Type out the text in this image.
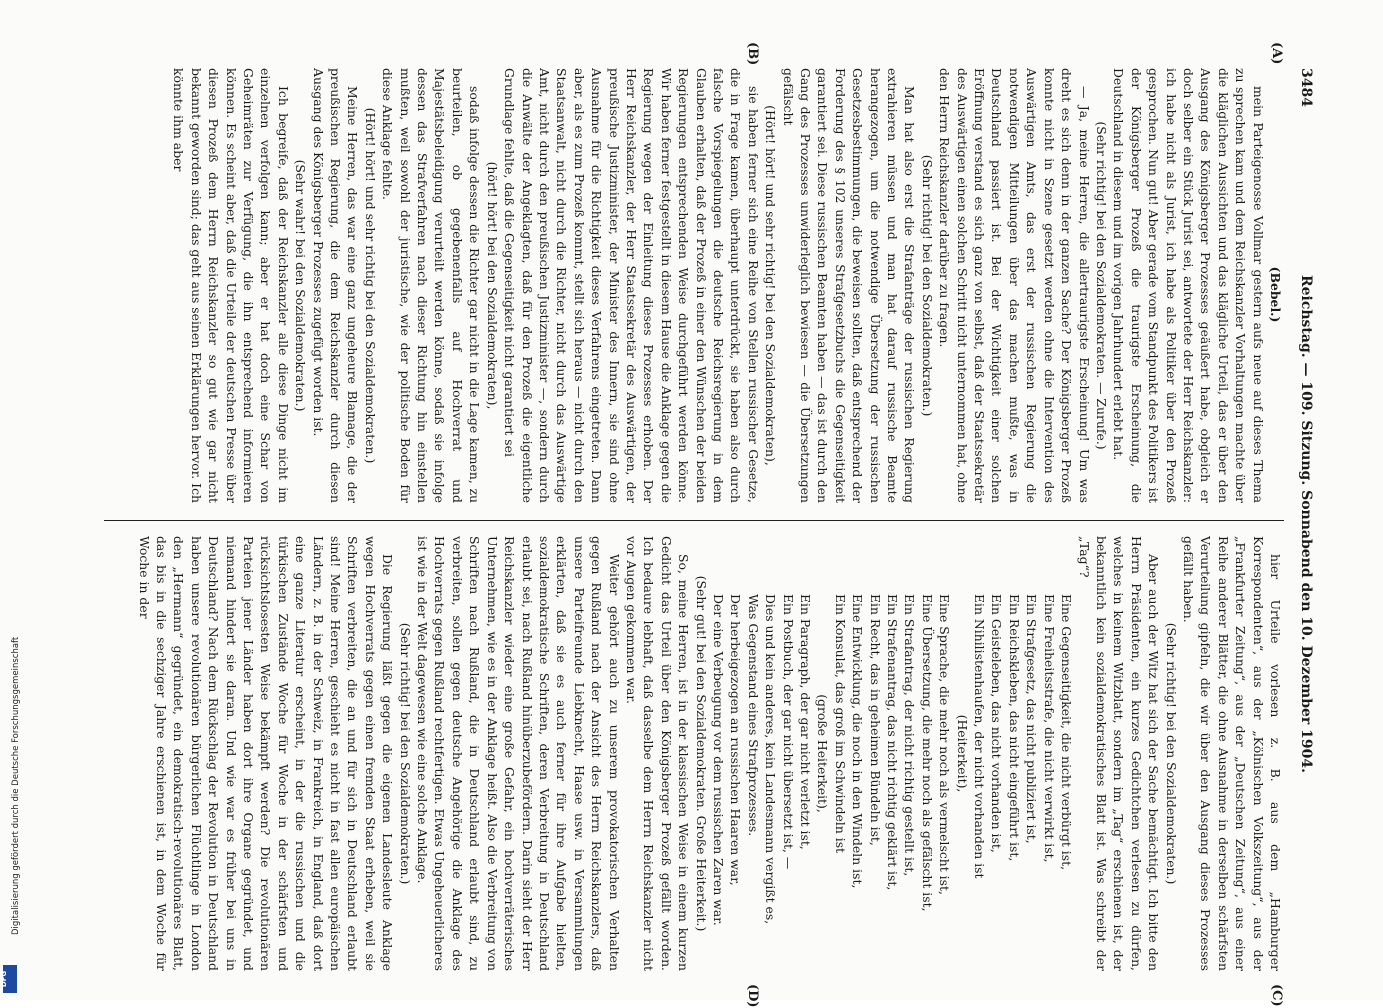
3484
Reichstag. — 109. Sitzung. Sonnabend den 10. Dezember 1904.

(Bebel.)

mein Parteigenosse Vollmar gestern aufs neue auf dieses Thema zu sprechen kam und dem Reichskanzler Vorhaltungen machte über die kläglichen Aussichten und das klägliche Urteil, das er über den Ausgang des Königsberger Prozesses geäußert habe, obgleich er doch selber ein Stück Jurist sei, antwortete der Herr Reichskanzler: ich habe nicht als Jurist, ich habe als Politiker über den Prozeß gesprochen. Nun gut! Aber gerade vom Standpunkt des Politikers ist der Königsberger Prozeß die traurigste Erscheinung, die Deutschland in diesem und im vorigen Jahrhundert erlebt hat.

(Sehr richtig! bei den Sozialdemokraten. — Zurufe.)

— Ja, meine Herren, die allertraurigste Erscheinung! Um was dreht es sich denn in der ganzen Sache? Der Königsberger Prozeß konnte nicht in Szene gesetzt werden ohne die Intervention des Auswärtigen Amts, das erst der russischen Regierung die notwendigen Mitteilungen über das machen mußte, was in Deutschland passiert ist. Bei der Wichtigkeit einer solchen Eröffnung verstand es sich ganz von selbst, daß der Staatssekretär des Auswärtigen einen solchen Schritt nicht unternommen hat, ohne den Herrn Reichskanzler darüber zu fragen.

(Sehr richtig! bei den Sozialdemokraten.)

Man hat also erst die Strafanträge der russischen Regierung extrahieren müssen und man hat darauf russische Beamte herangezogen, um die notwendige Übersetzung der russischen Gesetzesbestimmungen, die beweisen sollten, daß entsprechend der Forderung des § 102 unseres Strafgesetzbuchs die Gegenseitigkeit garantiert sei. Diese russischen Beamten haben — das ist durch den Gang des Prozesses unwiderleglich bewiesen — die Übersetzungen gefälscht

(Hört! hört! und sehr richtig! bei den Sozialdemokraten),

sie haben ferner sich eine Reihe von Stellen russischer Gesetze, die in Frage kamen, überhaupt unterdrückt, sie haben also durch falsche Vorspiegelungen die deutsche Reichsregierung in dem Glauben erhalten, daß der Prozeß in einer den Wünschen der beiden Regierungen entsprechenden Weise durchgeführt werden könne. Wir haben ferner festgestellt in diesem Hause die Anklage gegen die Regierung wegen der Einleitung dieses Prozesses erhoben. Der Herr Reichskanzler, der Herr Staatssekretär des Auswärtigen, der preußische Justizminister, der Minister des Innern, sie sind ohne Ausnahme für die Richtigkeit dieses Verfahrens eingetreten. Dann aber, als es zum Prozeß kommt, stellt sich heraus — nicht durch den Staatsanwalt, nicht durch die Richter, nicht durch das Auswärtige Amt, nicht durch den preußischen Justizminister —, sondern durch die Anwälte der Angeklagten, daß für den Prozeß die eigentliche Grundlage fehlte, daß die Gegenseitigkeit nicht garantiert sei

(hört! hört! bei den Sozialdemokraten),

sodaß infolge dessen die Richter gar nicht in die Lage kamen, zu beurteilen, ob gegebenenfalls auf Hochverrat und Majestätsbeleidigung verurteilt werden könne, sodaß sie infolge dessen das Strafverfahren nach dieser Richtung hin einstellen mußten, weil sowohl der juristische, wie der politische Boden für diese Anklage fehlte.

(Hört! hört! und sehr richtig bei den Sozialdemokraten.)

Meine Herren, das war eine ganz ungeheure Blamage, die der preußischen Regierung, die dem Reichskanzler durch diesen Ausgang des Königsberger Prozesses zugefügt worden ist.

(Sehr wahr! bei den Sozialdemokraten.)

Ich begreife, daß der Reichskanzler alle diese Dinge nicht im einzelnen verfolgen kann; aber er hat doch eine Schar von Geheimräten zur Verfügung, die ihn entsprechend informieren können. Es scheint aber, daß die Urteile der deutschen Presse über diesen Prozeß dem Herrn Reichskanzler so gut wie gar nicht bekannt geworden sind; das geht aus seinen Erklärungen hervor. Ich könnte ihm aber

hier Urteile vorlesen z. B. aus dem „Hamburger Korrespondenten“, aus der „Kölnischen Volkszeitung“, aus der „Frankfurter Zeitung“, aus der „Deutschen Zeitung“, aus einer Reihe anderer Blätter, die ohne Ausnahme in derselben schärfsten Verurteilung gipfeln, die wir über den Ausgang dieses Prozesses gefällt haben.

(Sehr richtig! bei den Sozialdemokraten.)

Aber auch der Witz hat sich der Sache bemächtigt. Ich bitte den Herrn Präsidenten, ein kurzes Gedichtchen verlesen zu dürfen, welches in keinem Witzblatt, sondern im „Tag“ erschienen ist, der bekanntlich kein sozialdemokratisches Blatt ist. Was schreibt der „Tag“?

Eine Gegenseitigkeit, die nicht verbürgt ist,

Eine Freiheitsstrafe, die nicht verwirkt ist,

Ein Strafgesetz, das nicht publiziert ist,

Ein Reichskleben, das nicht eingeführt ist,

Ein Geisteleben, das nicht vorhanden ist,

Ein Nihilistenhaufen, der nicht vorhanden ist

(Heiterkeit),

Eine Sprache, die mehr noch als vermelscht ist,

Eine Übersetzung, die mehr noch als gefälscht ist,

Ein Strafantrag, der nicht richtig gestellt ist,

Ein Strafenantrag, das nicht richtig geklärt ist,

Ein Recht, das in geheimen Bündeln ist,

Eine Entwicklung, die noch in den Windeln ist,

Ein Konsulat, das groß im Schwindeln ist

(große Heiterkeit),

Ein Paragraph, der gar nicht verletzt ist,

Ein Postbuch, der gar nicht übersetzt ist, —

Dies und kein anderes, kein Landesmann vergißt es,

Was Gegenstand eines Strafprozesses.

Der herbeigezogen an russischen Haaren war,

Der eine Verbeugung vor dem russischen Zaren war.

(Sehr gut! bei den Sozialdemokraten. Große Heiterkeit.)

So, meine Herren, ist in der klassischen Weise in einem kurzen Gedicht das Urteil über den Königsberger Prozeß gefällt worden. Ich bedaure lebhaft, daß dasselbe dem Herrn Reichskanzler nicht vor Augen gekommen war.

Weiter gehört auch zu unserem provokatorischen Verhalten gegen Rußland nach der Ansicht des Herrn Reichskanzlers, daß unsere Parteifreunde Liebknecht, Haase usw. in Versammlungen erklärten, daß sie es auch ferner für ihre Aufgabe hielten, sozialdemokratische Schriften, deren Verbreitung in Deutschland erlaubt sei, nach Rußland hinüberzubefördern. Darin sieht der Herr Reichskanzler wieder eine große Gefahr, ein hochverräterisches Unternehmen, wie es in der Anklage heißt. Also die Verbreitung von Schriften nach Rußland, die in Deutschland erlaubt sind, zu verbreiten, sollen gegen deutsche Angehörige die Anklage des Hochverrats gegen Rußland rechtfertigen. Etwas Ungeheuerlicheres ist wie in der Welt dagewesen wie eine solche Anklage.

(Sehr richtig! bei den Sozialdemokraten.)

Die Regierung läßt gegen die eigenen Landesleute Anklage wegen Hochverrats gegen einen fremden Staat erheben, weil sie Schriften verbreiten, die an und für sich in Deutschland erlaubt sind! Meine Herren, geschieht es nicht in fast allen europäischen Ländern, z. B. in der Schweiz, in Frankreich, in England, daß dort eine ganze Literatur erscheint, in der die russischen und die türkischen Zustände Woche für Woche in der schärfsten und rücksichtslosesten Weise bekämpft werden? Die revolutionären Parteien jener Länder haben dort ihre Organe gegründet, und niemand hindert sie daran. Und wie war es früher bei uns in Deutschland? Nach dem Rückschlag der Revolution in Deutschland haben unsere revolutionären bürgerlichen Flüchtlinge in London den „Hermann“ gegründet, ein demokratisch-revolutionäres Blatt, das bis in die sechziger Jahre erschienen ist, in dem Woche für Woche in der

(A)
(B)
(C)
(D)
Digitalisierung gefördert durch die Deutsche Forschungsgemeinschaft
DFG
